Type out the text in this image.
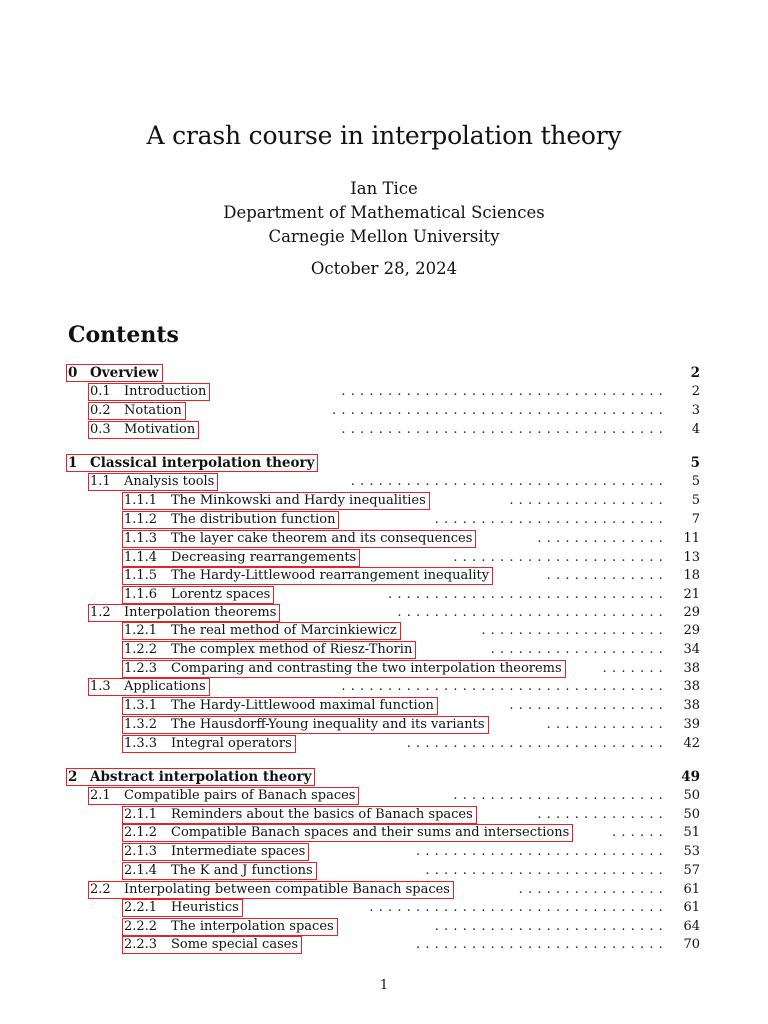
A crash course in interpolation theory
Ian Tice
Department of Mathematical Sciences
Carnegie Mellon University
October 28, 2024
Contents
0 Overview	2
0.1 Introduction	...................................	2
0.2 Notation	....................................	3
0.3 Motivation	...................................	4
1 Classical interpolation theory	5
1.1 Analysis tools	..................................	5
1.1.1 The Minkowski and Hardy inequalities	.................	5
1.1.2 The distribution function	.........................	7
1.1.3 The layer cake theorem and its consequences	..............	11
1.1.4 Decreasing rearrangements	.......................	13
1.1.5 The Hardy-Littlewood rearrangement inequality	.............	18
1.1.6 Lorentz spaces	..............................	21
1.2 Interpolation theorems	.............................	29
1.2.1 The real method of Marcinkiewicz	....................	29
1.2.2 The complex method of Riesz-Thorin	...................	34
1.2.3 Comparing and contrasting the two interpolation theorems	.......	38
1.3 Applications	...................................	38
1.3.1 The Hardy-Littlewood maximal function	.................	38
1.3.2 The Hausdorff-Young inequality and its variants	.............	39
1.3.3 Integral operators	............................	42
2 Abstract interpolation theory	49
2.1 Compatible pairs of Banach spaces	.......................	50
2.1.1 Reminders about the basics of Banach spaces	..............	50
2.1.2 Compatible Banach spaces and their sums and intersections	......	51
2.1.3 Intermediate spaces	...........................	53
2.1.4 The K and J functions	..........................	57
2.2 Interpolating between compatible Banach spaces	................	61
2.2.1 Heuristics	................................	61
2.2.2 The interpolation spaces	.........................	64
2.2.3 Some special cases	...........................	70
1
